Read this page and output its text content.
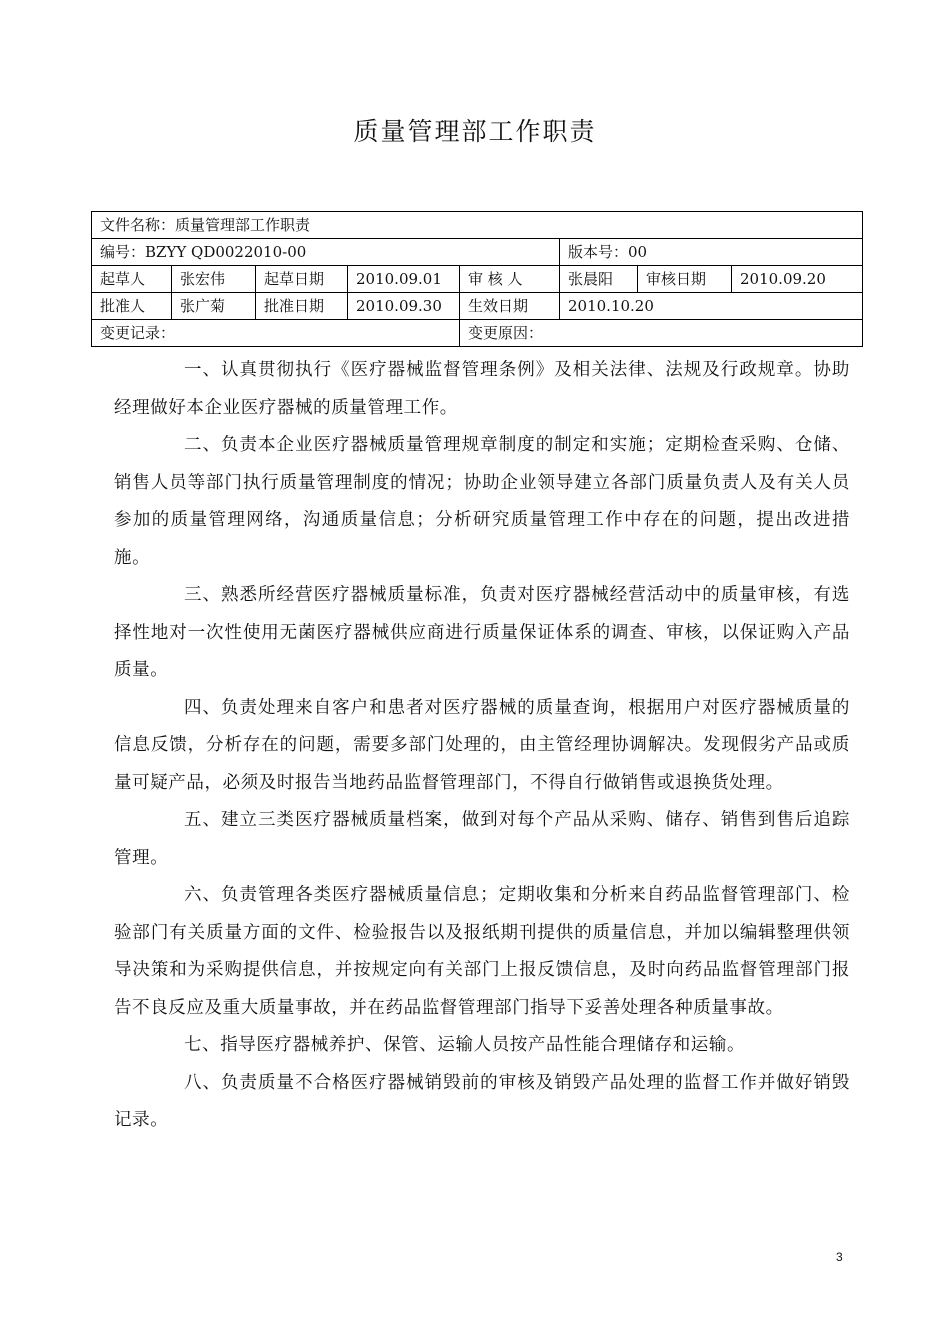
质量管理部工作职责
文件名称：质量管理部工作职责							
编号：BZYY QD0022010-00					版本号：00		
起草人	张宏伟	起草日期	2010.09.01	审 核 人	张晨阳	审核日期	2010.09.20
批准人	张广菊	批准日期	2010.09.30	生效日期	2010.10.20		
变更记录：				变更原因：			

一、认真贯彻执行《医疗器械监督管理条例》及相关法律、法规及行政规章。协助经理做好本企业医疗器械的质量管理工作。

二、负责本企业医疗器械质量管理规章制度的制定和实施；定期检查采购、仓储、销售人员等部门执行质量管理制度的情况；协助企业领导建立各部门质量负责人及有关人员参加的质量管理网络，沟通质量信息；分析研究质量管理工作中存在的问题，提出改进措施。

三、熟悉所经营医疗器械质量标准，负责对医疗器械经营活动中的质量审核，有选择性地对一次性使用无菌医疗器械供应商进行质量保证体系的调查、审核，以保证购入产品质量。

四、负责处理来自客户和患者对医疗器械的质量查询，根据用户对医疗器械质量的信息反馈，分析存在的问题，需要多部门处理的，由主管经理协调解决。发现假劣产品或质量可疑产品，必须及时报告当地药品监督管理部门，不得自行做销售或退换货处理。

五、建立三类医疗器械质量档案，做到对每个产品从采购、储存、销售到售后追踪管理。

六、负责管理各类医疗器械质量信息；定期收集和分析来自药品监督管理部门、检验部门有关质量方面的文件、检验报告以及报纸期刊提供的质量信息，并加以编辑整理供领导决策和为采购提供信息，并按规定向有关部门上报反馈信息，及时向药品监督管理部门报告不良反应及重大质量事故，并在药品监督管理部门指导下妥善处理各种质量事故。

七、指导医疗器械养护、保管、运输人员按产品性能合理储存和运输。

八、负责质量不合格医疗器械销毁前的审核及销毁产品处理的监督工作并做好销毁记录。

3
